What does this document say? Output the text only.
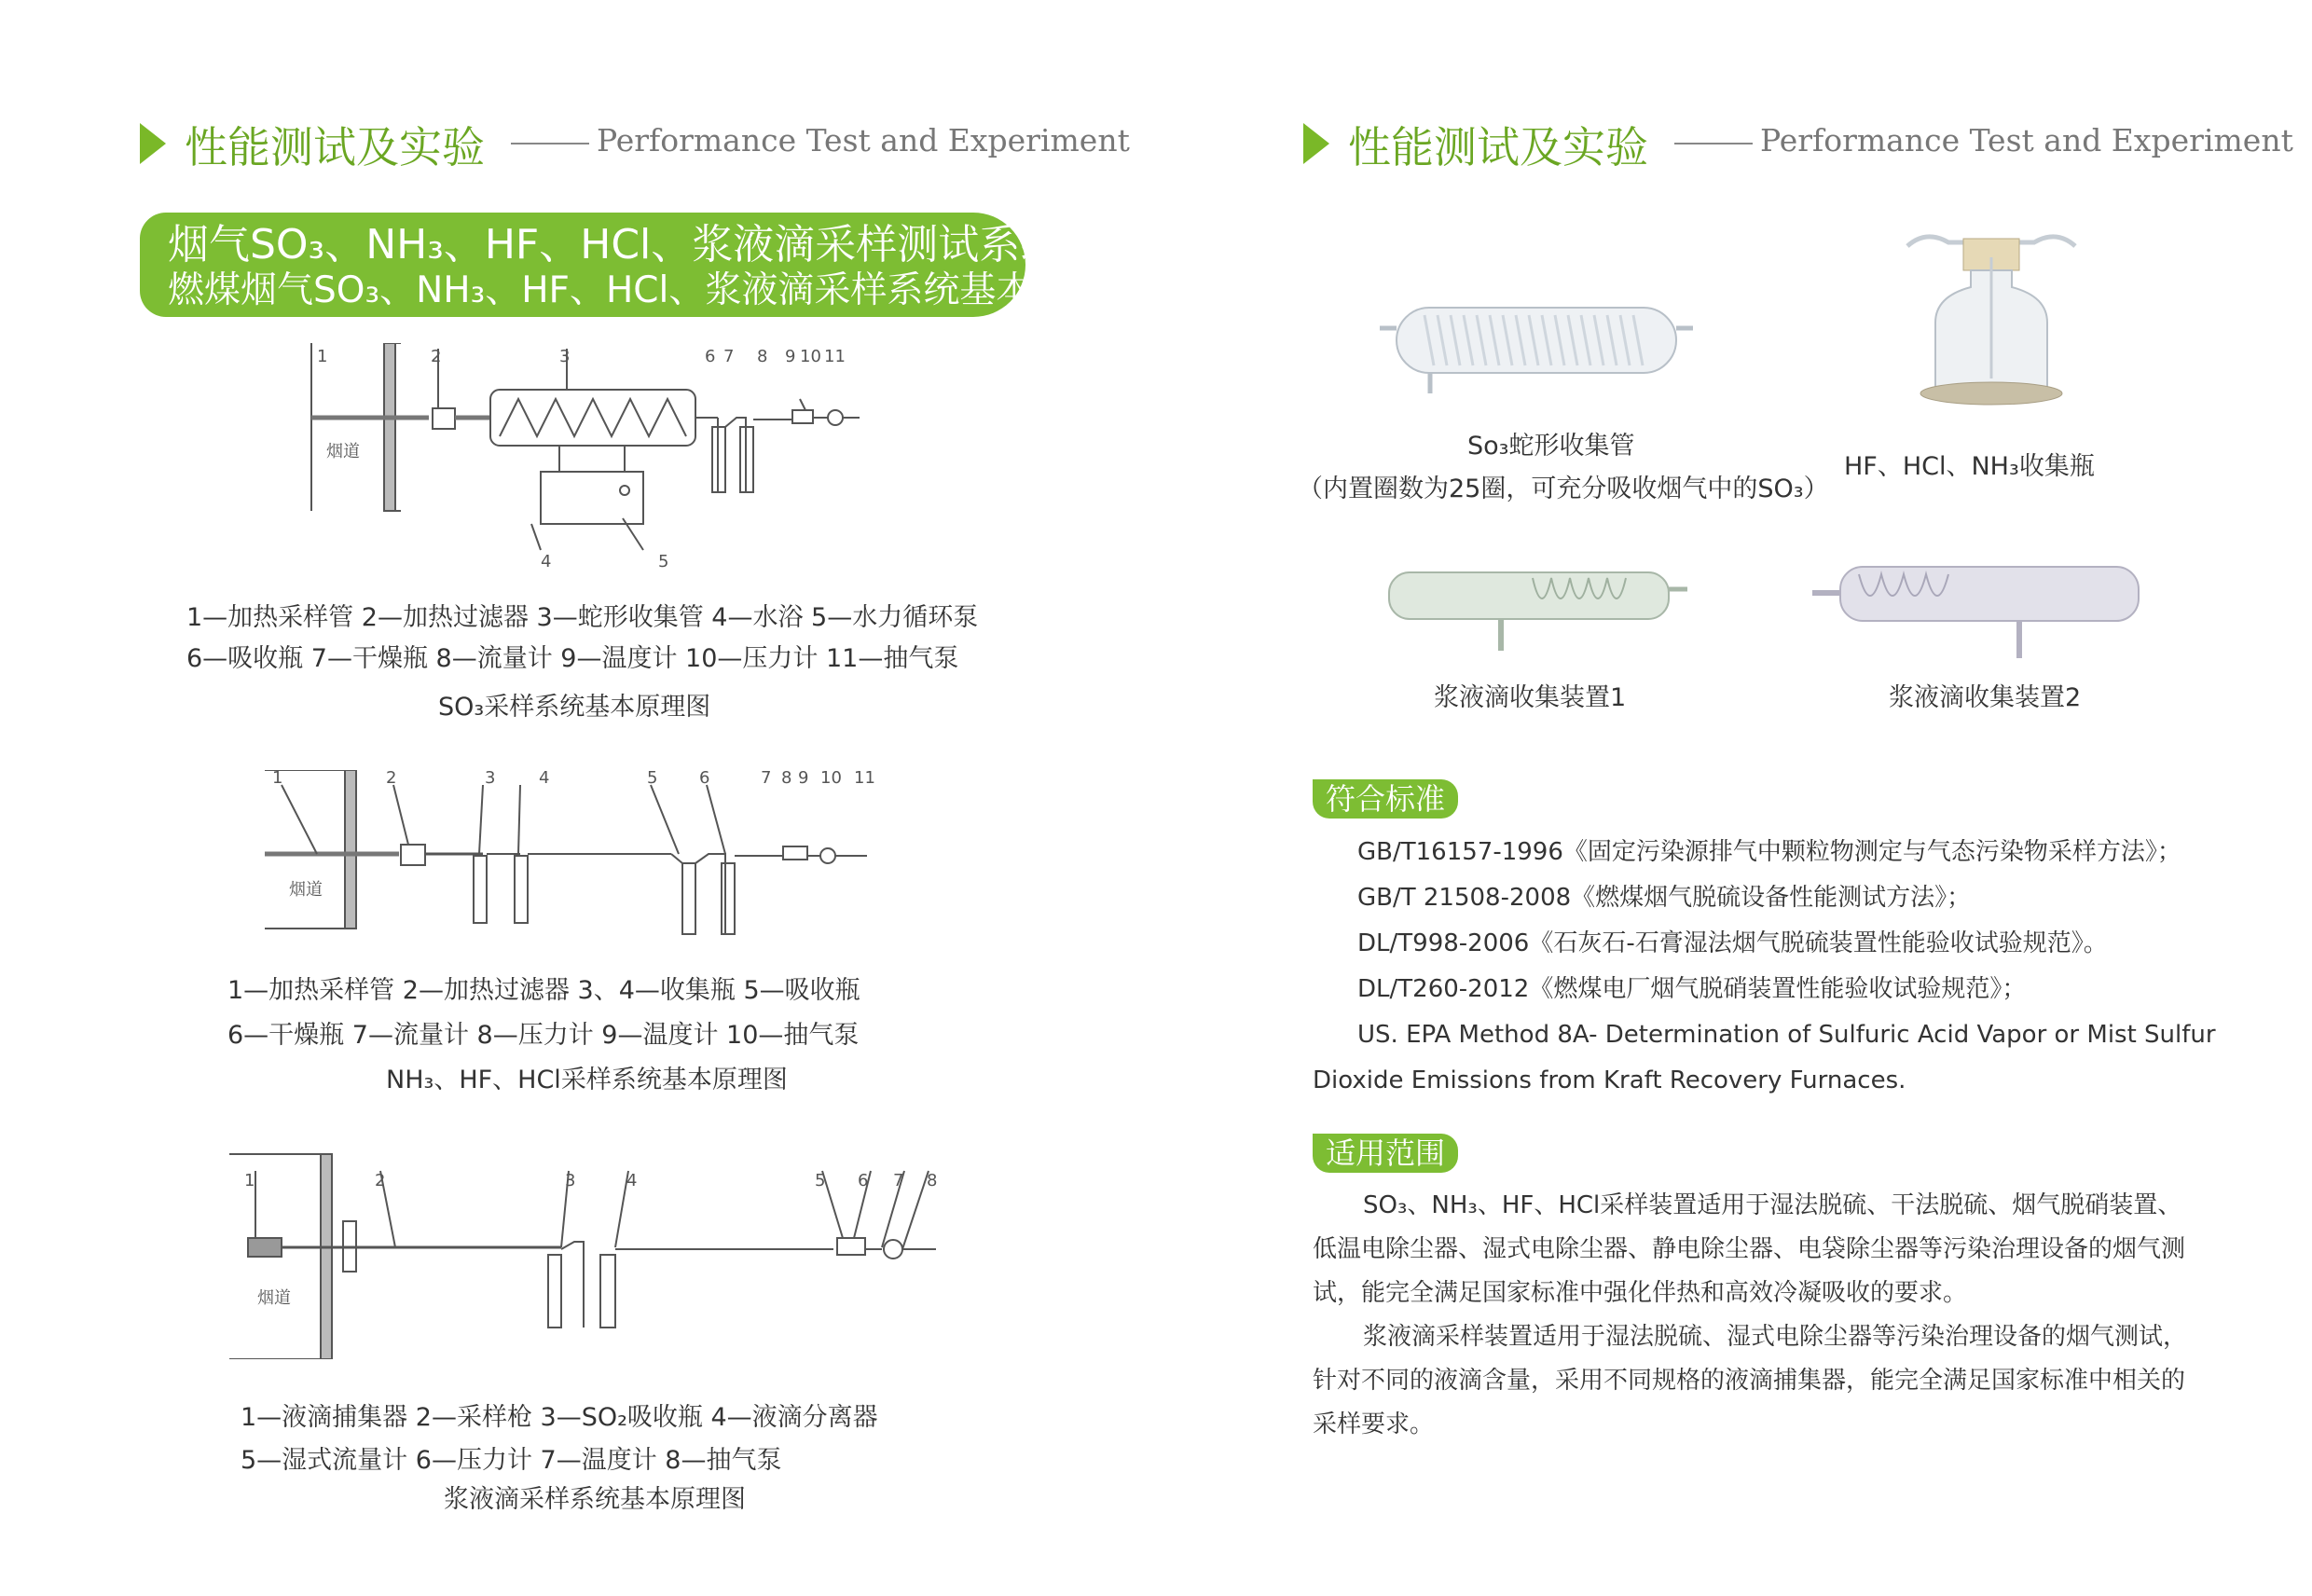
性能测试及实验	Performance Test and Experiment
烟气SO₃、NH₃、HF、HCl、浆液滴采样测试系统
燃煤烟气SO₃、NH₃、HF、HCl、浆液滴采样系统基本原理
1	2	3
4	5
6 7 8 9 10 11
烟道
1—加热采样管 2—加热过滤器 3—蛇形收集管 4—水浴 5—水力循环泵
6—吸收瓶 7—干燥瓶 8—流量计 9—温度计 10—压力计 11—抽气泵
SO₃采样系统基本原理图
1	2	3	4	5 6	7 8 9 10 11
烟道
1—加热采样管 2—加热过滤器 3、4—收集瓶 5—吸收瓶
6—干燥瓶 7—流量计 8—压力计 9—温度计 10—抽气泵
NH₃、HF、HCl采样系统基本原理图
1	2	3	4	5 6 7 8
烟道
1—液滴捕集器 2—采样枪 3—SO₂吸收瓶 4—液滴分离器
5—湿式流量计 6—压力计 7—温度计 8—抽气泵
浆液滴采样系统基本原理图
性能测试及实验	Performance Test and Experiment
So₃蛇形收集管
（内置圈数为25圈，可充分吸收烟气中的SO₃）
HF、HCl、NH₃收集瓶
浆液滴收集装置1	浆液滴收集装置2
符合标准
GB/T16157-1996《固定污染源排气中颗粒物测定与气态污染物采样方法》；
GB/T 21508-2008《燃煤烟气脱硫设备性能测试方法》；
DL/T998-2006《石灰石-石膏湿法烟气脱硫装置性能验收试验规范》。
DL/T260-2012《燃煤电厂烟气脱硝装置性能验收试验规范》；
US. EPA Method 8A- Determination of Sulfuric Acid Vapor or Mist Sulfur
Dioxide Emissions from Kraft Recovery Furnaces.
适用范围

SO₃、NH₃、HF、HCl采样装置适用于湿法脱硫、干法脱硫、烟气脱硝装置、低温电除尘器、湿式电除尘器、静电除尘器、电袋除尘器等污染治理设备的烟气测试，能完全满足国家标准中强化伴热和高效冷凝吸收的要求。

浆液滴采样装置适用于湿法脱硫、湿式电除尘器等污染治理设备的烟气测试，针对不同的液滴含量，采用不同规格的液滴捕集器，能完全满足国家标准中相关的采样要求。
